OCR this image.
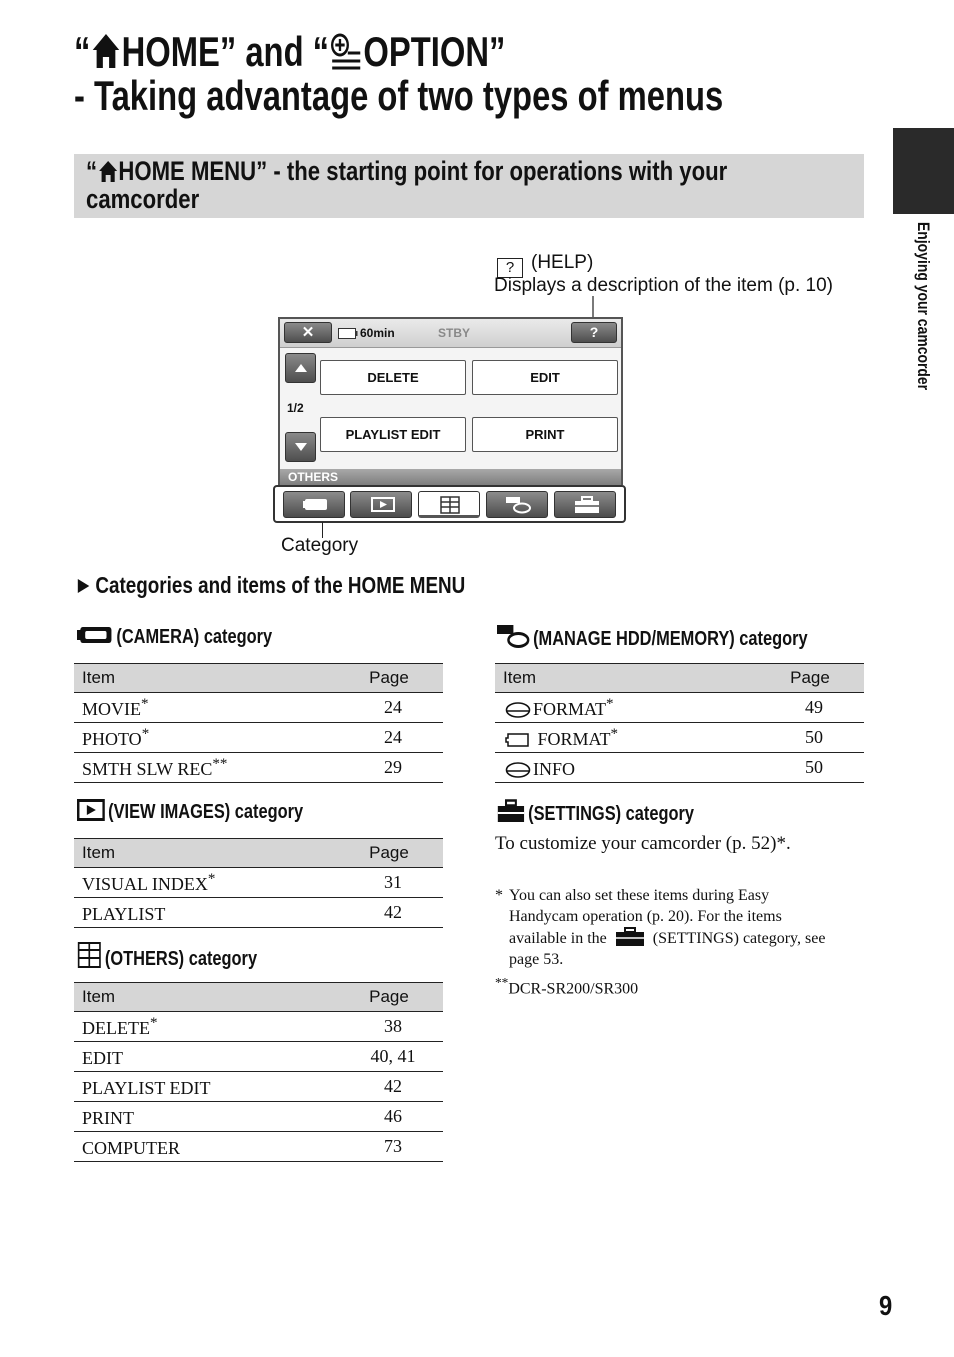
“ HOME” and “ OPTION”
- Taking advantage of two types of menus
Enjoying your camcorder
“ HOME MENU” - the starting point for operations with your
camcorder
? (HELP)
Displays a description of the item (p. 10)
✕	60min	STBY	?
1/2
DELETE	EDIT
PLAYLIST EDIT	PRINT
OTHERS
Category
Categories and items of the HOME MENU
(CAMERA) category
Item	Page
MOVIE*	24
PHOTO*	24
SMTH SLW REC**	29
(VIEW IMAGES) category
Item	Page
VISUAL INDEX*	31
PLAYLIST	42
(OTHERS) category
Item	Page
DELETE*	38
EDIT	40, 41
PLAYLIST EDIT	42
PRINT	46
COMPUTER	73
(MANAGE HDD/MEMORY) category
Item	Page
FORMAT*	49
FORMAT*	50
INFO	50
(SETTINGS) category
To customize your camcorder (p. 52)*.
* You can also set these items during Easy
Handycam operation (p. 20). For the items
available in the	(SETTINGS) category, see
page 53.
**DCR-SR200/SR300
9
